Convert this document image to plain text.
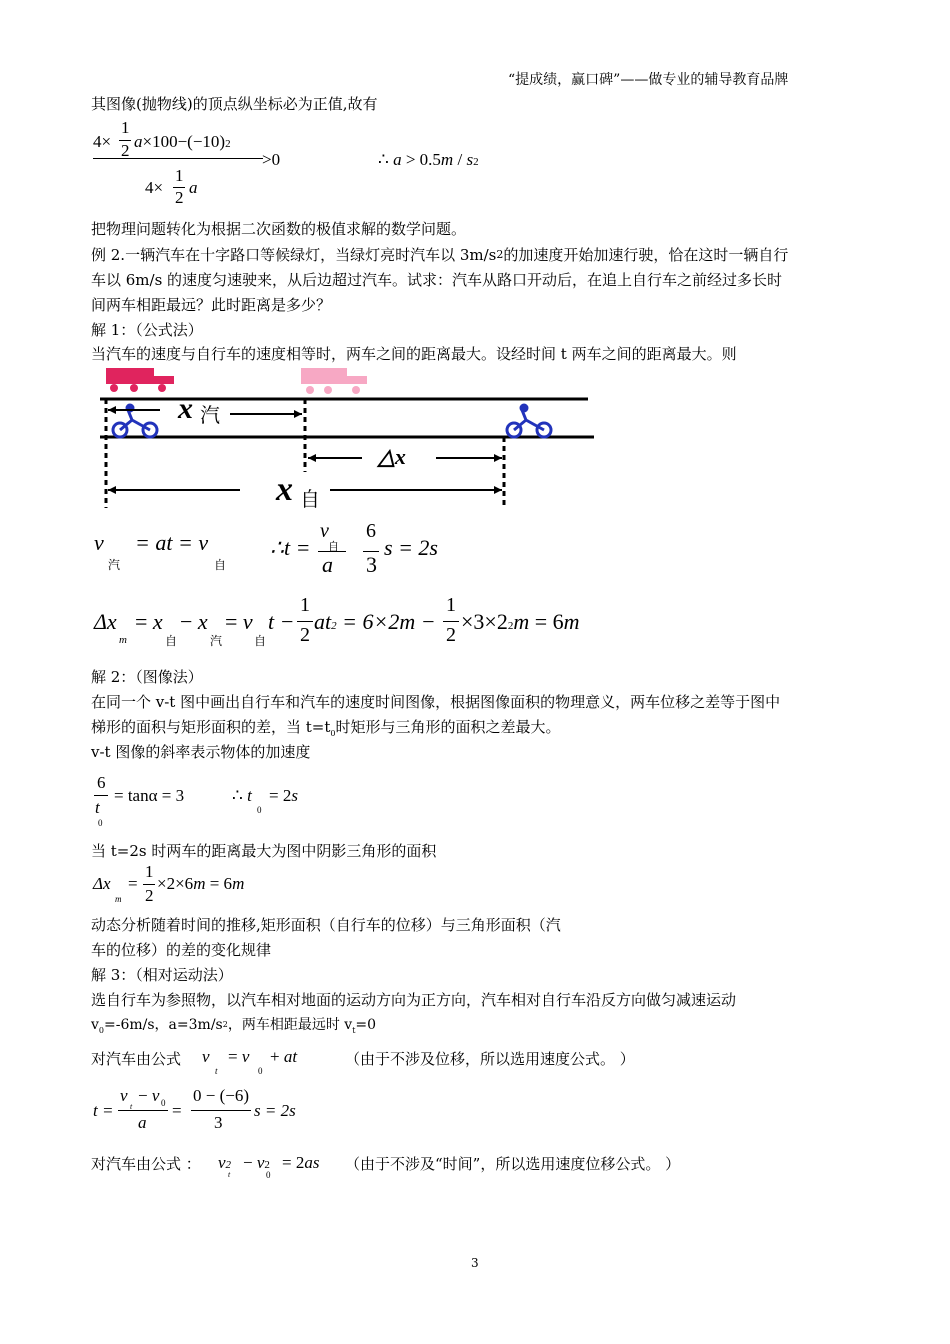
“提成绩，赢口碑”——做专业的辅导教育品牌
其图像(抛物线)的顶点纵坐标必为正值,故有
4×
1
2 a×100−(−10)2
>0
4×
1
2
a
∴ a > 0.5m / s2
把物理问题转化为根据二次函数的极值求解的数学问题。
例 2.一辆汽车在十字路口等候绿灯，当绿灯亮时汽车以 $3m/s^2$的加速度开始加速行驶，恰在这时一辆自行
车以 6m/s 的速度匀速驶来，从后边超过汽车。试求：汽车从路口开动后，在追上自行车之前经过多长时
间两车相距最远？此时距离是多少？
解 1：（公式法）
当汽车的速度与自行车的速度相等时，两车之间的距离最大。设经时间 t 两车之间的距离最大。则
x 汽
△x
x 自
v
汽
= at = v
自
∴t =
v
自
a
6
3
s = 2s
Δx
m
= x
自
− x
汽
= v
自
t −
1
2
at2 = 6×2m −
1
2
×3×22m = 6m
解 2：（图像法）
在同一个 v-t 图中画出自行车和汽车的速度时间图像，根据图像面积的物理意义，两车位移之差等于图中
梯形的面积与矩形面积的差，当 $t=t_0$时矩形与三角形的面积之差最大。
v-t 图像的斜率表示物体的加速度
6
t
0
= tanα = 3	∴ t
0
= 2s
当 t=2s 时两车的距离最大为图中阴影三角形的面积
Δx
m
=
1
2
×2×6m = 6m
动态分析随着时间的推移,矩形面积（自行车的位移）与三角形面积（汽
车的位移）的差的变化规律
解 3：（相对运动法）
选自行车为参照物，以汽车相对地面的运动方向为正方向，汽车相对自行车沿反方向做匀减速运动
$v_0=-6m/s$，$a=3m/s^2$，两车相距最远时 $v_t=0$
对汽车由公式 v
t
= v
0
+ at	（由于不涉及位移，所以选用速度公式。 ）
t =
v
t
− v 0
a
=
0 − (−6)
3
s = 2s
对汽车由公式 ： v2
t
− v2
0
= 2as （由于不涉及“时间”，所以选用速度位移公式。 ）
3
